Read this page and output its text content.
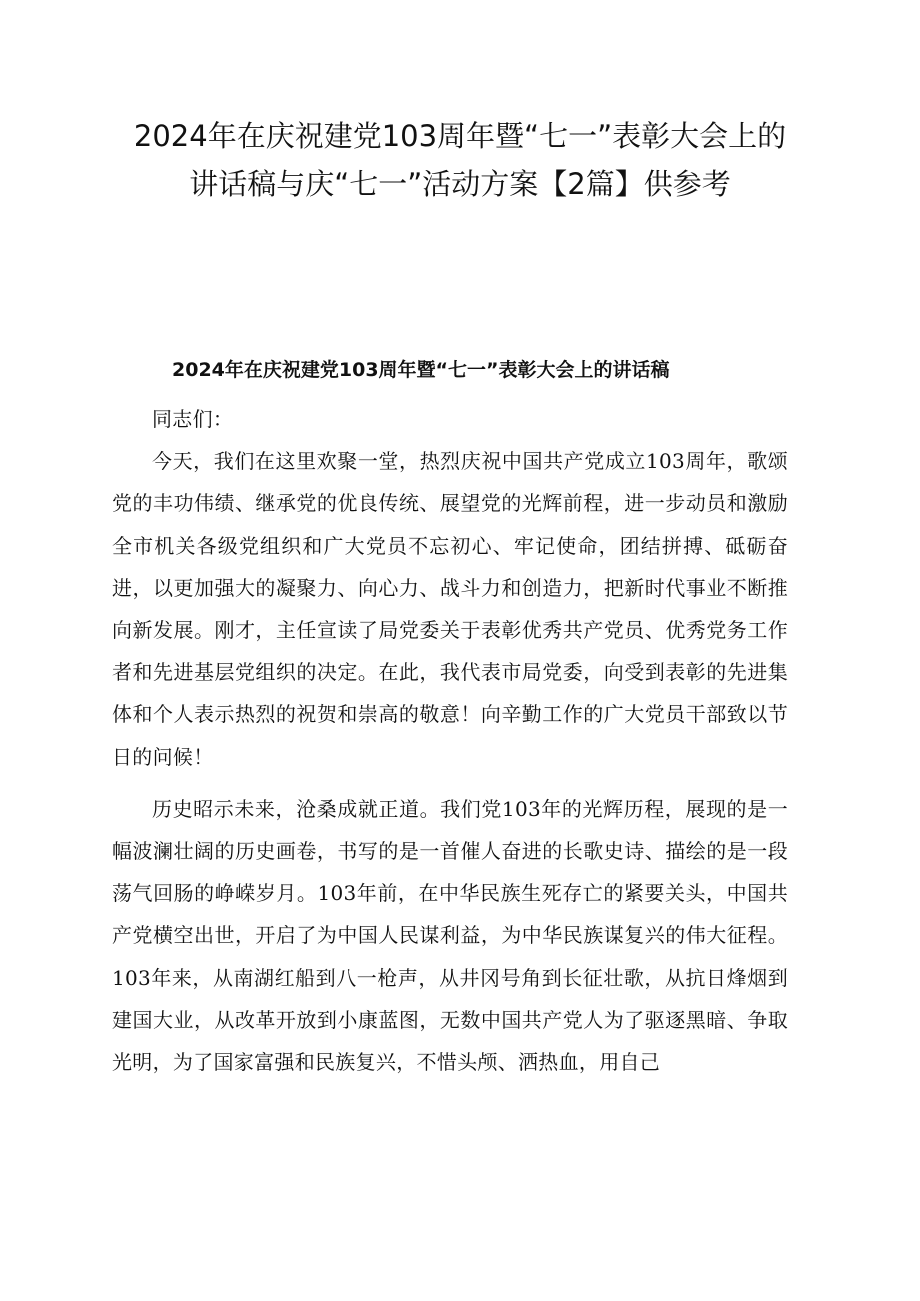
2024年在庆祝建党103周年暨“七一”表彰大会上的
讲话稿与庆“七一”活动方案【2篇】供参考
2024年在庆祝建党103周年暨“七一”表彰大会上的讲话稿

同志们：

今天，我们在这里欢聚一堂，热烈庆祝中国共产党成立103周年，歌颂党的丰功伟绩、继承党的优良传统、展望党的光辉前程，进一步动员和激励全市机关各级党组织和广大党员不忘初心、牢记使命，团结拼搏、砥砺奋进，以更加强大的凝聚力、向心力、战斗力和创造力，把新时代事业不断推向新发展。刚才，主任宣读了局党委关于表彰优秀共产党员、优秀党务工作者和先进基层党组织的决定。在此，我代表市局党委，向受到表彰的先进集体和个人表示热烈的祝贺和崇高的敬意！向辛勤工作的广大党员干部致以节日的问候！

历史昭示未来，沧桑成就正道。我们党103年的光辉历程，展现的是一幅波澜壮阔的历史画卷，书写的是一首催人奋进的长歌史诗、描绘的是一段荡气回肠的峥嵘岁月。103年前，在中华民族生死存亡的紧要关头，中国共产党横空出世，开启了为中国人民谋利益，为中华民族谋复兴的伟大征程。103年来，从南湖红船到八一枪声，从井冈号角到长征壮歌，从抗日烽烟到建国大业，从改革开放到小康蓝图，无数中国共产党人为了驱逐黑暗、争取光明，为了国家富强和民族复兴，不惜头颅、洒热血，用自己
